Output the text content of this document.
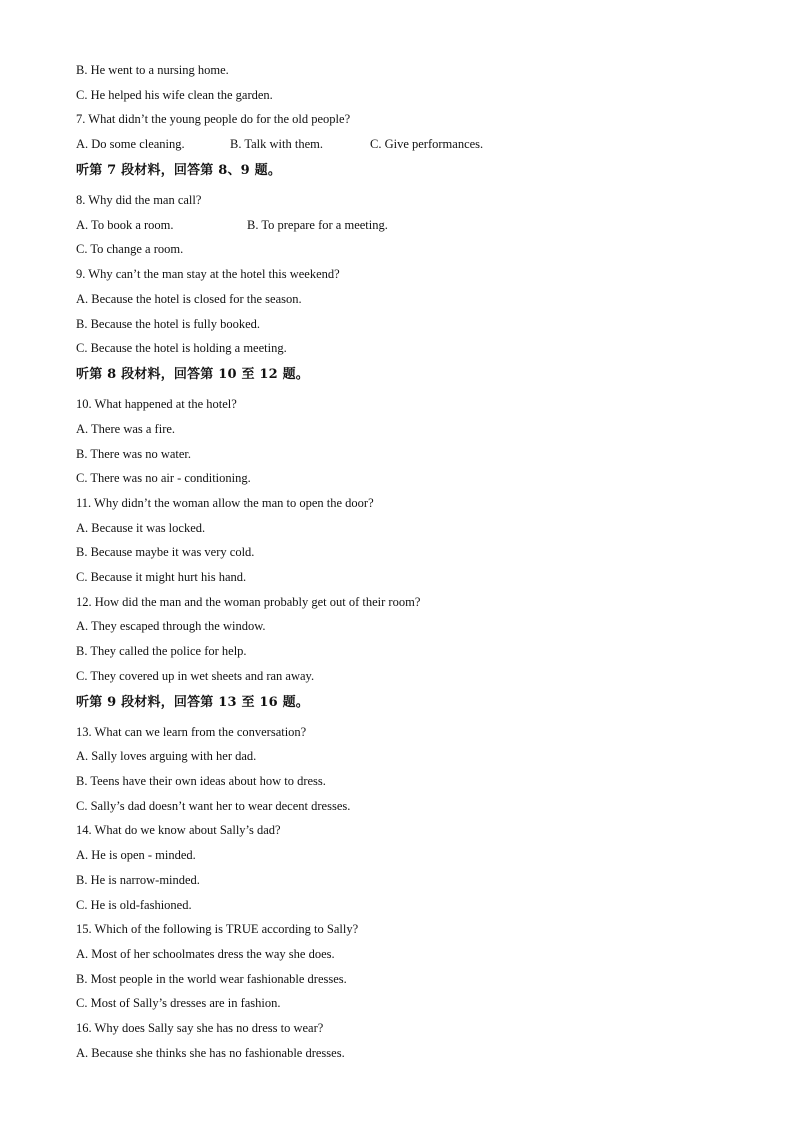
B. He went to a nursing home.
C. He helped his wife clean the garden.
7. What didn’t the young people do for the old people?
A. Do some cleaning.	B. Talk with them.	C. Give performances.
听第 7 段材料，回答第 8、9 题。
8. Why did the man call?
A. To book a room.	B. To prepare for a meeting.
C. To change a room.
9. Why can’t the man stay at the hotel this weekend?
A. Because the hotel is closed for the season.
B. Because the hotel is fully booked.
C. Because the hotel is holding a meeting.
听第 8 段材料，回答第 10 至 12 题。
10. What happened at the hotel?
A. There was a fire.
B. There was no water.
C. There was no air - conditioning.
11. Why didn’t the woman allow the man to open the door?
A. Because it was locked.
B. Because maybe it was very cold.
C. Because it might hurt his hand.
12. How did the man and the woman probably get out of their room?
A. They escaped through the window.
B. They called the police for help.
C. They covered up in wet sheets and ran away.
听第 9 段材料，回答第 13 至 16 题。
13. What can we learn from the conversation?
A. Sally loves arguing with her dad.
B. Teens have their own ideas about how to dress.
C. Sally’s dad doesn’t want her to wear decent dresses.
14. What do we know about Sally’s dad?
A. He is open - minded.
B. He is narrow-minded.
C. He is old-fashioned.
15. Which of the following is TRUE according to Sally?
A. Most of her schoolmates dress the way she does.
B. Most people in the world wear fashionable dresses.
C. Most of Sally’s dresses are in fashion.
16. Why does Sally say she has no dress to wear?
A. Because she thinks she has no fashionable dresses.
